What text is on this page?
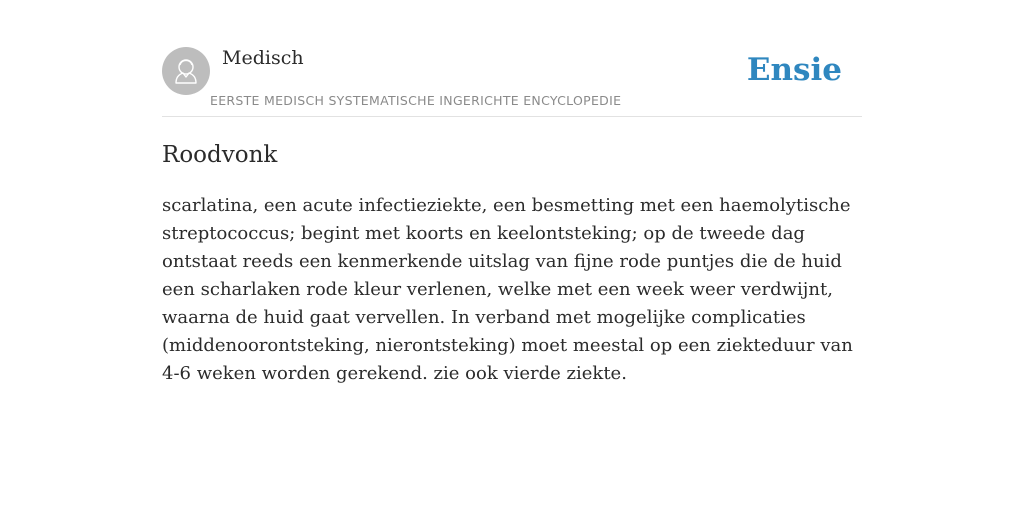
Medisch
EERSTE MEDISCH SYSTEMATISCHE INGERICHTE ENCYCLOPEDIE
Ensie
Roodvonk

scarlatina, een acute infectieziekte, een besmetting met een haemolytische streptococcus; begint met koorts en keelontsteking; op de tweede dag ontstaat reeds een kenmerkende uitslag van fijne rode puntjes die de huid een scharlaken rode kleur verlenen, welke met een week weer verdwijnt, waarna de huid gaat vervellen. In verband met mogelijke complicaties (middenoorontsteking, nierontsteking) moet meestal op een ziekteduur van 4-6 weken worden gerekend. zie ook vierde ziekte.
